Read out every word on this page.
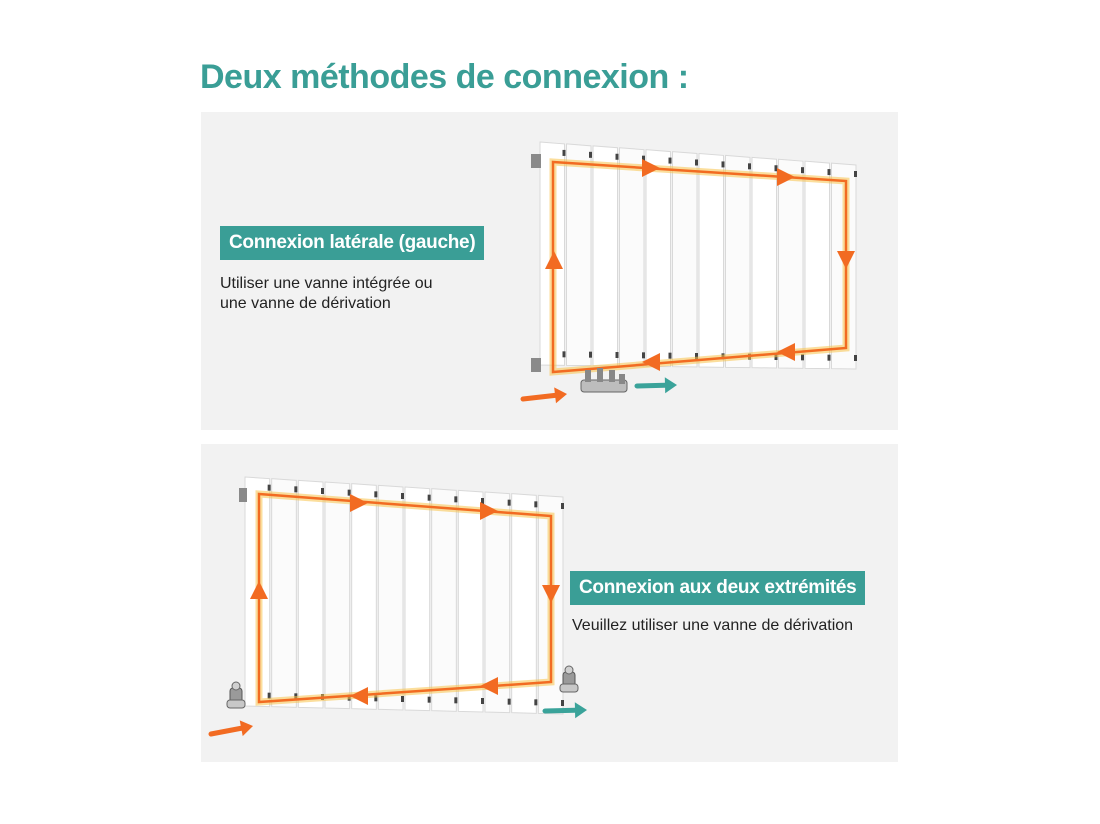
Deux méthodes de connexion :
Connexion latérale (gauche)

Utiliser une vanne intégrée ou
une vanne de dérivation

Connexion aux deux extrémités

Veuillez utiliser une vanne de dérivation
